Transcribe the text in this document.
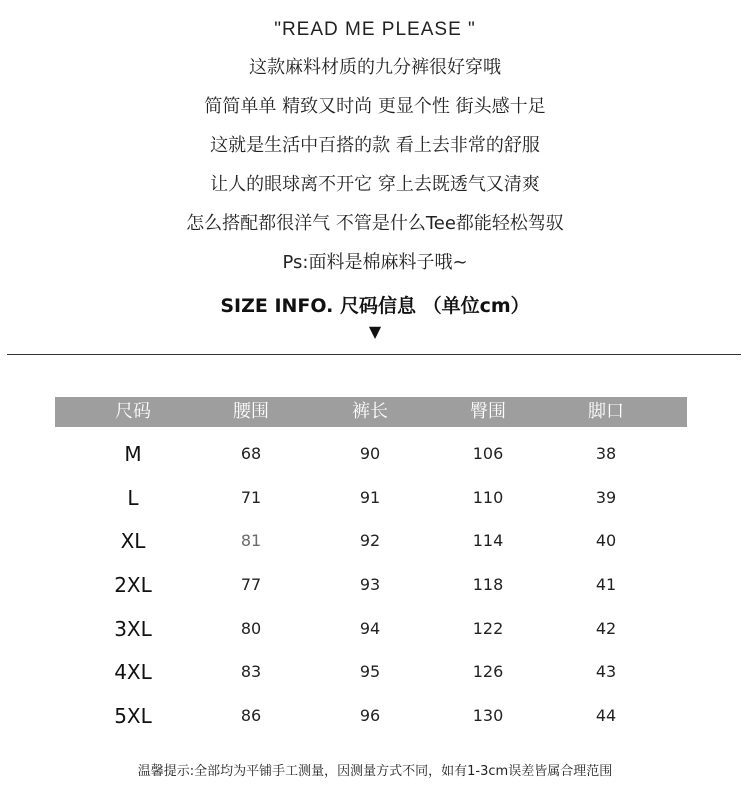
"READ ME PLEASE "
这款麻料材质的九分裤很好穿哦
简简单单 精致又时尚 更显个性 街头感十足
这就是生活中百搭的款 看上去非常的舒服
让人的眼球离不开它 穿上去既透气又清爽
怎么搭配都很洋气 不管是什么Tee都能轻松驾驭
Ps:面料是棉麻料子哦~
SIZE INFO. 尺码信息 （单位cm）
▼
尺码	腰围	裤长	臀围	脚口
M	68	90	106	38
L	71	91	110	39
XL	81	92	114	40
2XL	77	93	118	41
3XL	80	94	122	42
4XL	83	95	126	43
5XL	86	96	130	44
温馨提示:全部均为平铺手工测量，因测量方式不同，如有1-3cm误差皆属合理范围
